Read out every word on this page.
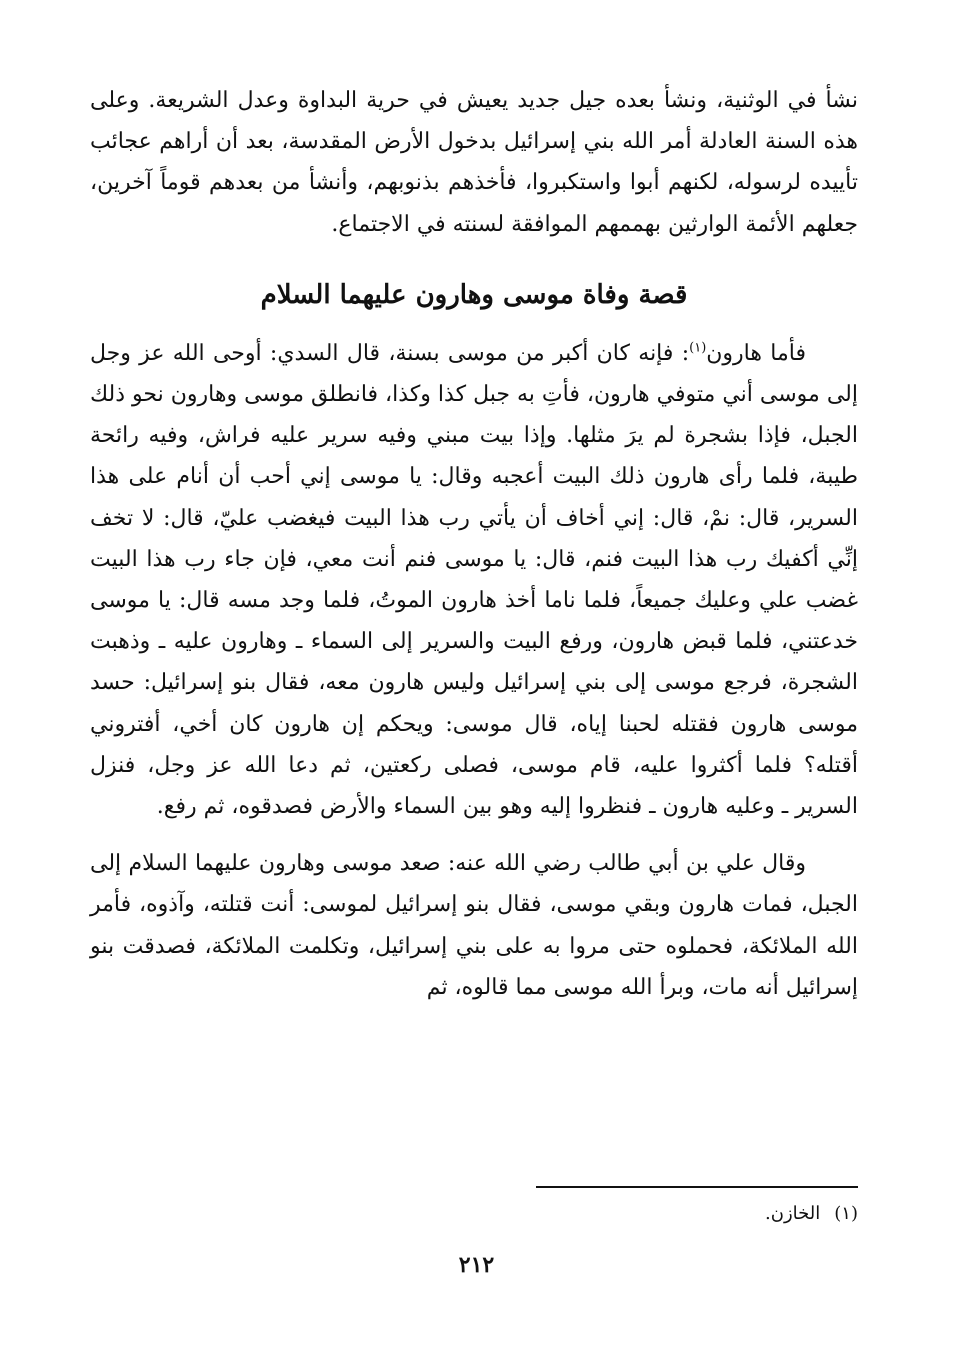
نشأ في الوثنية، ونشأ بعده جيل جديد يعيش في حرية البداوة وعدل الشريعة. وعلى هذه السنة العادلة أمر الله بني إسرائيل بدخول الأرض المقدسة، بعد أن أراهم عجائب تأييده لرسوله، لكنهم أبوا واستكبروا، فأخذهم بذنوبهم، وأنشأ من بعدهم قوماً آخرين، جعلهم الأئمة الوارثين بهممهم الموافقة لسنته في الاجتماع.

قصة وفاة موسى وهارون عليهما السلام

فأما هارون$^{(١)}$: فإنه كان أكبر من موسى بسنة، قال السدي: أوحى الله عز وجل إلى موسى أني متوفي هارون، فأتِ به جبل كذا وكذا، فانطلق موسى وهارون نحو ذلك الجبل، فإذا بشجرة لم يرَ مثلها. وإذا بيت مبني وفيه سرير عليه فراش، وفيه رائحة طيبة، فلما رأى هارون ذلك البيت أعجبه وقال: يا موسى إني أحب أن أنام على هذا السرير، قال: نمْ، قال: إني أخاف أن يأتي رب هذا البيت فيغضب عليّ، قال: لا تخف إنِّي أكفيك رب هذا البيت فنم، قال: يا موسى فنم أنت معي، فإن جاء رب هذا البيت غضب علي وعليك جميعاً، فلما ناما أخذ هارون الموتُ، فلما وجد مسه قال: يا موسى خدعتني، فلما قبض هارون، ورفع البيت والسرير إلى السماء ـ وهارون عليه ـ وذهبت الشجرة، فرجع موسى إلى بني إسرائيل وليس هارون معه، فقال بنو إسرائيل: حسد موسى هارون فقتله لحبنا إياه، قال موسى: ويحكم إن هارون كان أخي، أفتروني أقتله؟ فلما أكثروا عليه، قام موسى، فصلى ركعتين، ثم دعا الله عز وجل، فنزل السرير ـ وعليه هارون ـ فنظروا إليه وهو بين السماء والأرض فصدقوه، ثم رفع.

وقال علي بن أبي طالب رضي الله عنه: صعد موسى وهارون عليهما السلام إلى الجبل، فمات هارون وبقي موسى، فقال بنو إسرائيل لموسى: أنت قتلته، وآذوه، فأمر الله الملائكة، فحملوه حتى مروا به على بني إسرائيل، وتكلمت الملائكة، فصدقت بنو إسرائيل أنه مات، وبرأ الله موسى مما قالوه، ثم

(١)الخازن.
٢١٢
